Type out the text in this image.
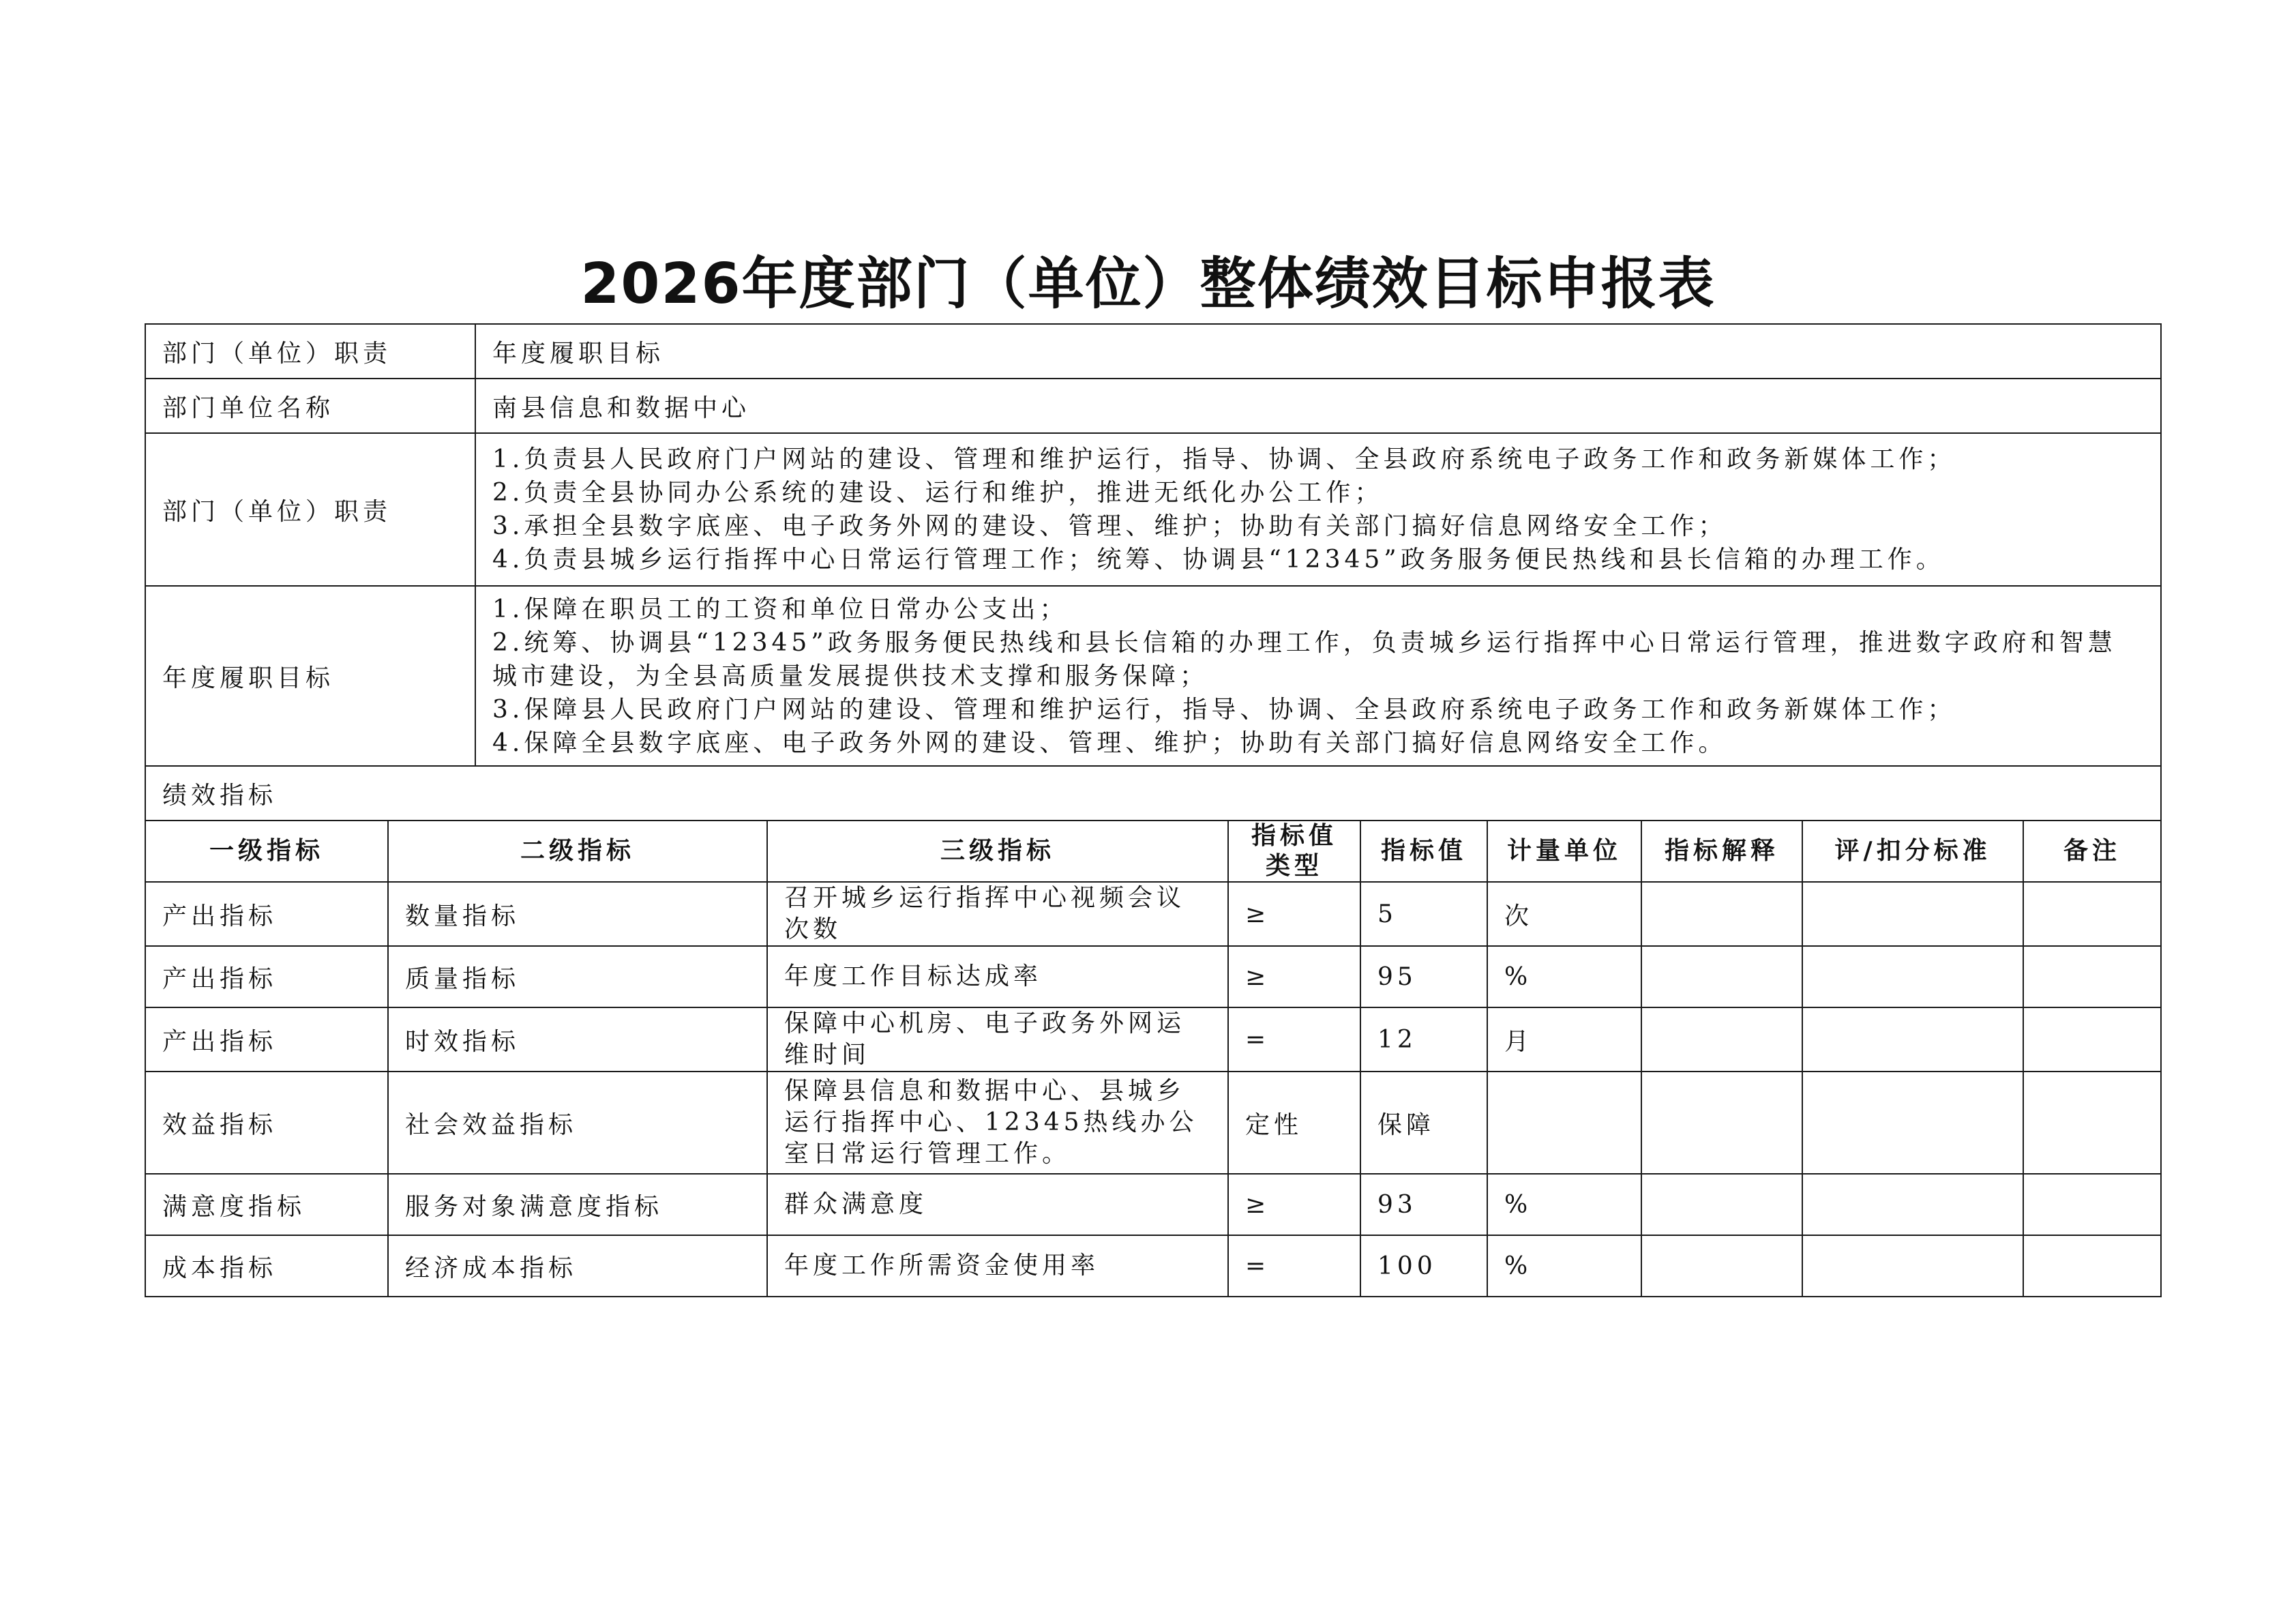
2026年度部门（单位）整体绩效目标申报表
部门（单位）职责		年度履职目标							
部门单位名称		南县信息和数据中心							
部门（单位）职责		1.负责县人民政府门户网站的建设、管理和维护运行，指导、协调、全县政府系统电子政务工作和政务新媒体工作；
2.负责全县协同办公系统的建设、运行和维护，推进无纸化办公工作；
3.承担全县数字底座、电子政务外网的建设、管理、维护；协助有关部门搞好信息网络安全工作；
4.负责县城乡运行指挥中心日常运行管理工作；统筹、协调县“12345”政务服务便民热线和县长信箱的办理工作。							

年度履职目标		1.保障在职员工的工资和单位日常办公支出；
2.统筹、协调县“12345”政务服务便民热线和县长信箱的办理工作，负责城乡运行指挥中心日常运行管理，推进数字政府和智慧城市建设，为全县高质量发展提供技术支撑和服务保障；
3.保障县人民政府门户网站的建设、管理和维护运行，指导、协调、全县政府系统电子政务工作和政务新媒体工作；
4.保障全县数字底座、电子政务外网的建设、管理、维护；协助有关部门搞好信息网络安全工作。							

绩效指标									
一级指标	二级指标		三级指标	指标值类型	指标值	计量单位	指标解释	评/扣分标准	备注
产出指标	数量指标		召开城乡运行指挥中心视频会议次数	≥	5	次			
产出指标	质量指标		年度工作目标达成率	≥	95	%			
产出指标	时效指标		保障中心机房、电子政务外网运维时间	=	12	月			
效益指标	社会效益指标		保障县信息和数据中心、县城乡运行指挥中心、12345热线办公室日常运行管理工作。	定性	保障				
满意度指标	服务对象满意度指标		群众满意度	≥	93	%			
成本指标	经济成本指标		年度工作所需资金使用率	=	100	%			
